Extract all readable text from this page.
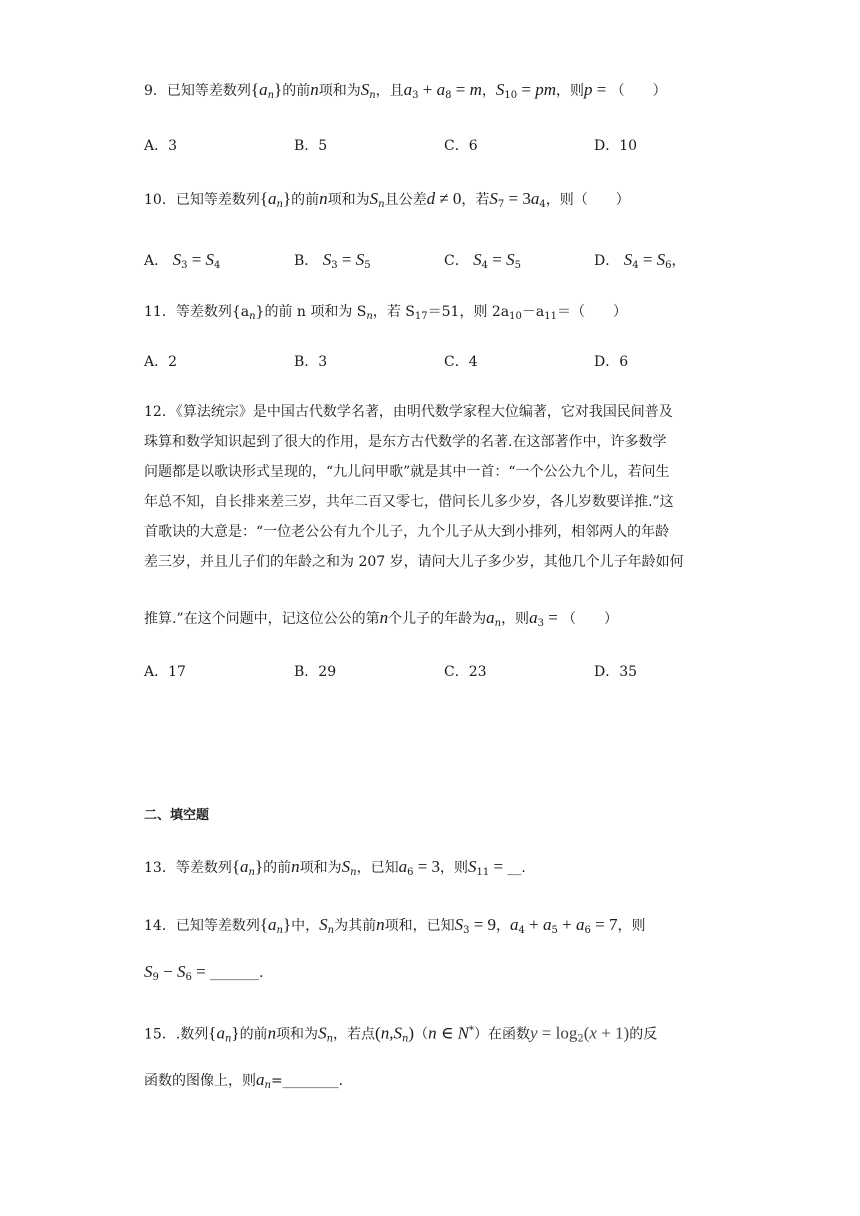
9．已知等差数列$\{a_n\}$的前n项和为$S_n$，且$a_3 + a_8 = m$，$S_{10}$ = pm，则p = （　　）
A．3	B．5	C．6	D．10
10．已知等差数列$\{a_n\}$的前n项和为$S_n$且公差d ≠ 0，若$S_7 = 3a_4$，则（　　）
A． $S_3 = S_4$	B． $S_3 = S_5$	C． $S_4 = S_5$	D． $S_4 = S_6$，
11．等差数列$\{a_n\}$的前 n 项和为 $S_n$，若 $S_{17}=51$，则 $2a_{10}-a_{11}=$（　　）
A．2	B．3	C．4	D．6
12．《算法统宗》是中国古代数学名著，由明代数学家程大位编著，它对我国民间普及
珠算和数学知识起到了很大的作用，是东方古代数学的名著.在这部著作中，许多数学
问题都是以歌诀形式呈现的，“九儿问甲歌”就是其中一首：“一个公公九个儿，若问生
年总不知，自长排来差三岁，共年二百又零七，借问长儿多少岁，各儿岁数要详推.”这
首歌诀的大意是：“一位老公公有九个儿子，九个儿子从大到小排列，相邻两人的年龄
差三岁，并且儿子们的年龄之和为 207 岁，请问大儿子多少岁，其他几个儿子年龄如何
推算.”在这个问题中，记这位公公的第n个儿子的年龄为$a_n$，则$a_3$ = （　　）
A．17	B．29	C．23	D．35
二、填空题
13．等差数列$\{a_n\}$的前n项和为$S_n$，已知$a_6 = 3$，则$S_{11}$ = __.
14．已知等差数列$\{a_n\}$中，$S_n$为其前n项和，已知$S_3 = 9$，$a_4 + a_5 + a_6 = 7$，则
$S_9 - S_6$ = _______.
15．.数列$\{a_n\}$的前n项和为$S_n$，若点$(n,S_n)(n$ ∈ N*）在函数$y = \log_2(x + 1)$的反
函数的图像上，则$a_n=\_\_\_\_\_\_\_\_$.
